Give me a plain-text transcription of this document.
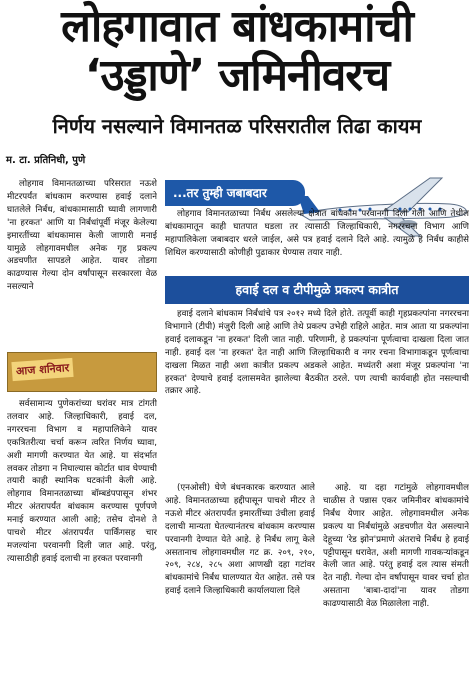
लोहगावात बांधकामांची
‘उड्डाणे’ जमिनीवरच
निर्णय नसल्याने विमानतळ परिसरातील तिढा कायम
म. टा. प्रतिनिधी, पुणे

लोहगाव विमानतळाच्या परिसरात नऊशे मीटरपर्यंत बांधकाम करण्यास हवाई दलाने घातलेले निर्बंध, बांधकामासाठी घ्यावी लागणारी 'ना हरकत' आणि या निर्बंधांपूर्वी मंजूर केलेल्या इमारतींच्या बांधकामास केली जाणारी मनाई यामुळे लोहगावमधील अनेक गृह प्रकल्प अडचणीत सापडले आहेत. यावर तोडगा काढण्यास गेल्या दोन वर्षांपासून सरकारला वेळ नसल्याने

आज शनिवार

सर्वसामान्य पुणेकरांच्या घरांवर मात्र टांगती तलवार आहे. जिल्हाधिकारी, हवाई दल, नगररचना विभाग व महापालिकेने यावर एकत्रितरीत्या चर्चा करून त्वरित निर्णय घ्यावा, अशी मागणी करण्यात येत आहे. या संदर्भात लवकर तोडगा न निघाल्यास कोर्टात धाव घेण्याची तयारी काही स्थानिक घटकांनी केली आहे. लोहगाव विमानतळाच्या बॉम्बडंपपासून शंभर मीटर अंतरापर्यंत बांधकाम करण्यास पूर्णपणे मनाई करण्यात आली आहे; तसेच दोनशे ते पाचशे मीटर अंतरापर्यंत पार्किंगसह चार मजल्यांना परवानगी दिली जात आहे. परंतु, त्यासाठीही हवाई दलाची ना हरकत परवानगी

...तर तुम्ही जबाबदार

लोहगाव विमानतळाच्या निर्बंध असलेल्या क्षेत्रात बांधकाम परवानगी दिली गेली आणि तेथील बांधकामातून काही घातपात घडला तर त्यासाठी जिल्हाधिकारी, नगररचना विभाग आणि महापालिकेला जबाबदार धरले जाईल, असे पत्र हवाई दलाने दिले आहे. त्यामुळे हे निर्बंध काहीसे शिथिल करण्यासाठी कोणीही पुढाकार घेण्यास तयार नाही.

हवाई दल व टीपीमुळे प्रकल्प कात्रीत

हवाई दलाने बांधकाम निर्बंधांचे पत्र २०१२ मध्ये दिले होते. तत्पूर्वी काही गृहप्रकल्पांना नगररचना विभागाने (टीपी) मंजुरी दिली आहे आणि तेथे प्रकल्प उभेही राहिले आहेत. मात्र आता या प्रकल्पांना हवाई दलाकडून 'ना हरकत' दिली जात नाही. परिणामी, हे प्रकल्पांना पूर्णत्वाचा दाखला दिला जात नाही. हवाई दल 'ना हरकत' देत नाही आणि जिल्हाधिकारी व नगर रचना विभागाकडून पूर्णत्वाचा दाखला मिळत नाही अशा कात्रीत प्रकल्प अडकले आहेत. मध्यंतरी अशा मंजूर प्रकल्पांना 'ना हरकत' देण्याचे हवाई दलासमवेत झालेल्या बैठकीत ठरले. पण त्याची कार्यवाही होत नसल्याची तक्रार आहे.

(एनओसी) घेणे बंधनकारक करण्यात आले आहे. विमानतळाच्या हद्दीपासून पाचशे मीटर ते नऊशे मीटर अंतरापर्यंत इमारतींच्या उंचीला हवाई दलाची मान्यता घेतल्यानंतरच बांधकाम करण्यास परवानगी देण्यात येते आहे. हे निर्बंध लागू केले असतानाच लोहगावमधील गट क्र. २०९, २१०, २०९, २८४, २८५ अशा आणखी दहा गटांवर बांधकामांचे निर्बंध घालण्यात येत आहेत. तसे पत्र हवाई दलाने जिल्हाधिकारी कार्यालयाला दिले

आहे. या दहा गटांमुळे लोहगावमधील चाळीस ते पन्नास एकर जमिनीवर बांधकामांचे निर्बंध येणार आहेत. लोहगावमधील अनेक प्रकल्प या निर्बंधांमुळे अडचणीत येत असल्याने देहूच्या 'रेड झोन'प्रमाणे अंतराचे निर्बंध हे हवाई पट्टीपासून धरावेत, अशी मागणी गावकऱ्यांकडून केली जात आहे. परंतु हवाई दल त्यास संमती देत नाही. गेल्या दोन वर्षांपासून यावर चर्चा होत असताना 'बाबा-दादां'ना यावर तोडगा काढण्यासाठी वेळ मिळालेला नाही.
